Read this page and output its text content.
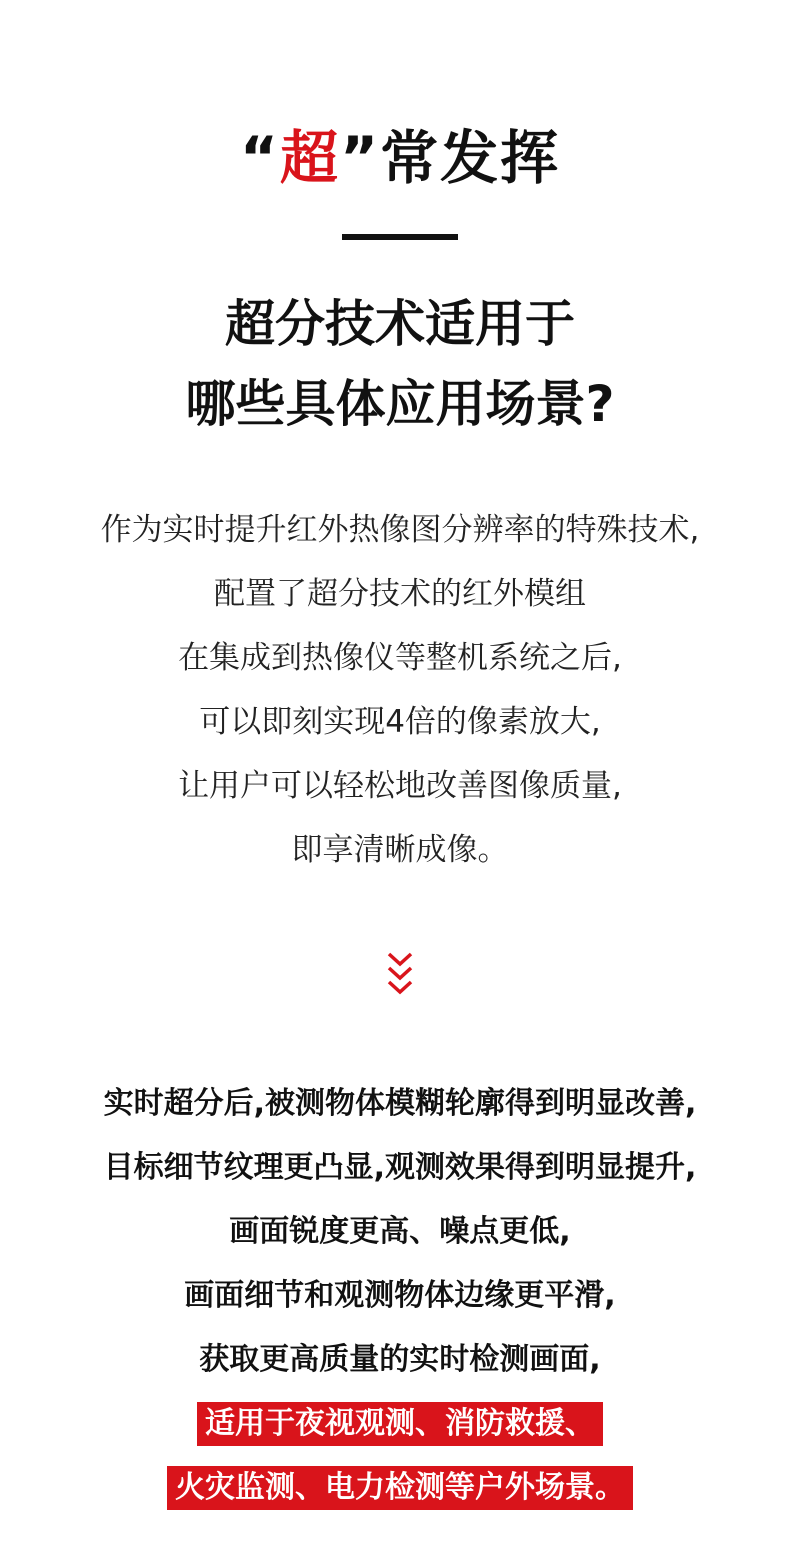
“超”常发挥
超分技术适用于
哪些具体应用场景?
作为实时提升红外热像图分辨率的特殊技术,
配置了超分技术的红外模组
在集成到热像仪等整机系统之后,
可以即刻实现4倍的像素放大,
让用户可以轻松地改善图像质量,
即享清晰成像。
实时超分后,被测物体模糊轮廓得到明显改善,
目标细节纹理更凸显,观测效果得到明显提升,
画面锐度更高、噪点更低,
画面细节和观测物体边缘更平滑,
获取更高质量的实时检测画面,
适用于夜视观测、消防救援、
火灾监测、电力检测等户外场景。
